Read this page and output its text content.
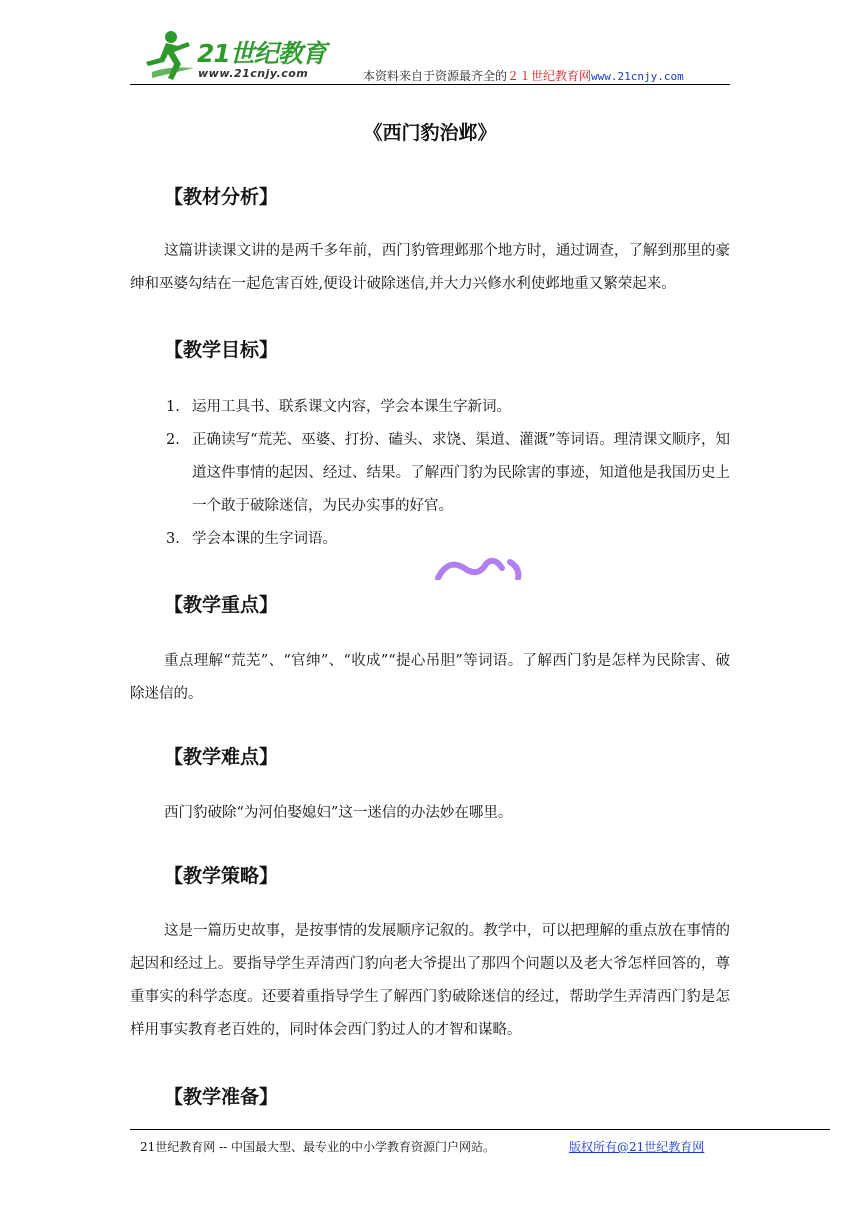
21世纪教育
www.21cnjy.com	本资料来自于资源最齐全的２１世纪教育网www.21cnjy.com
《西门豹治邺》
【教材分析】

这篇讲读课文讲的是两千多年前，西门豹管理邺那个地方时，通过调查，了解到那里的豪绅和巫婆勾结在一起危害百姓,便设计破除迷信,并大力兴修水利使邺地重又繁荣起来。

【教学目标】
1. 运用工具书、联系课文内容，学会本课生字新词。
2. 正确读写“荒芜、巫婆、打扮、磕头、求饶、渠道、灌溉”等词语。理清课文顺序，知道这件事情的起因、经过、结果。了解西门豹为民除害的事迹，知道他是我国历史上一个敢于破除迷信，为民办实事的好官。
3. 学会本课的生字词语。
【教学重点】

重点理解“荒芜”、“官绅”、“收成”“提心吊胆”等词语。了解西门豹是怎样为民除害、破除迷信的。

【教学难点】

西门豹破除“为河伯娶媳妇”这一迷信的办法妙在哪里。

【教学策略】

这是一篇历史故事，是按事情的发展顺序记叙的。教学中，可以把理解的重点放在事情的起因和经过上。要指导学生弄清西门豹向老大爷提出了那四个问题以及老大爷怎样回答的，尊重事实的科学态度。还要着重指导学生了解西门豹破除迷信的经过，帮助学生弄清西门豹是怎样用事实教育老百姓的，同时体会西门豹过人的才智和谋略。

【教学准备】
21世纪教育网 -- 中国最大型、最专业的中小学教育资源门户网站。	版权所有@21世纪教育网
